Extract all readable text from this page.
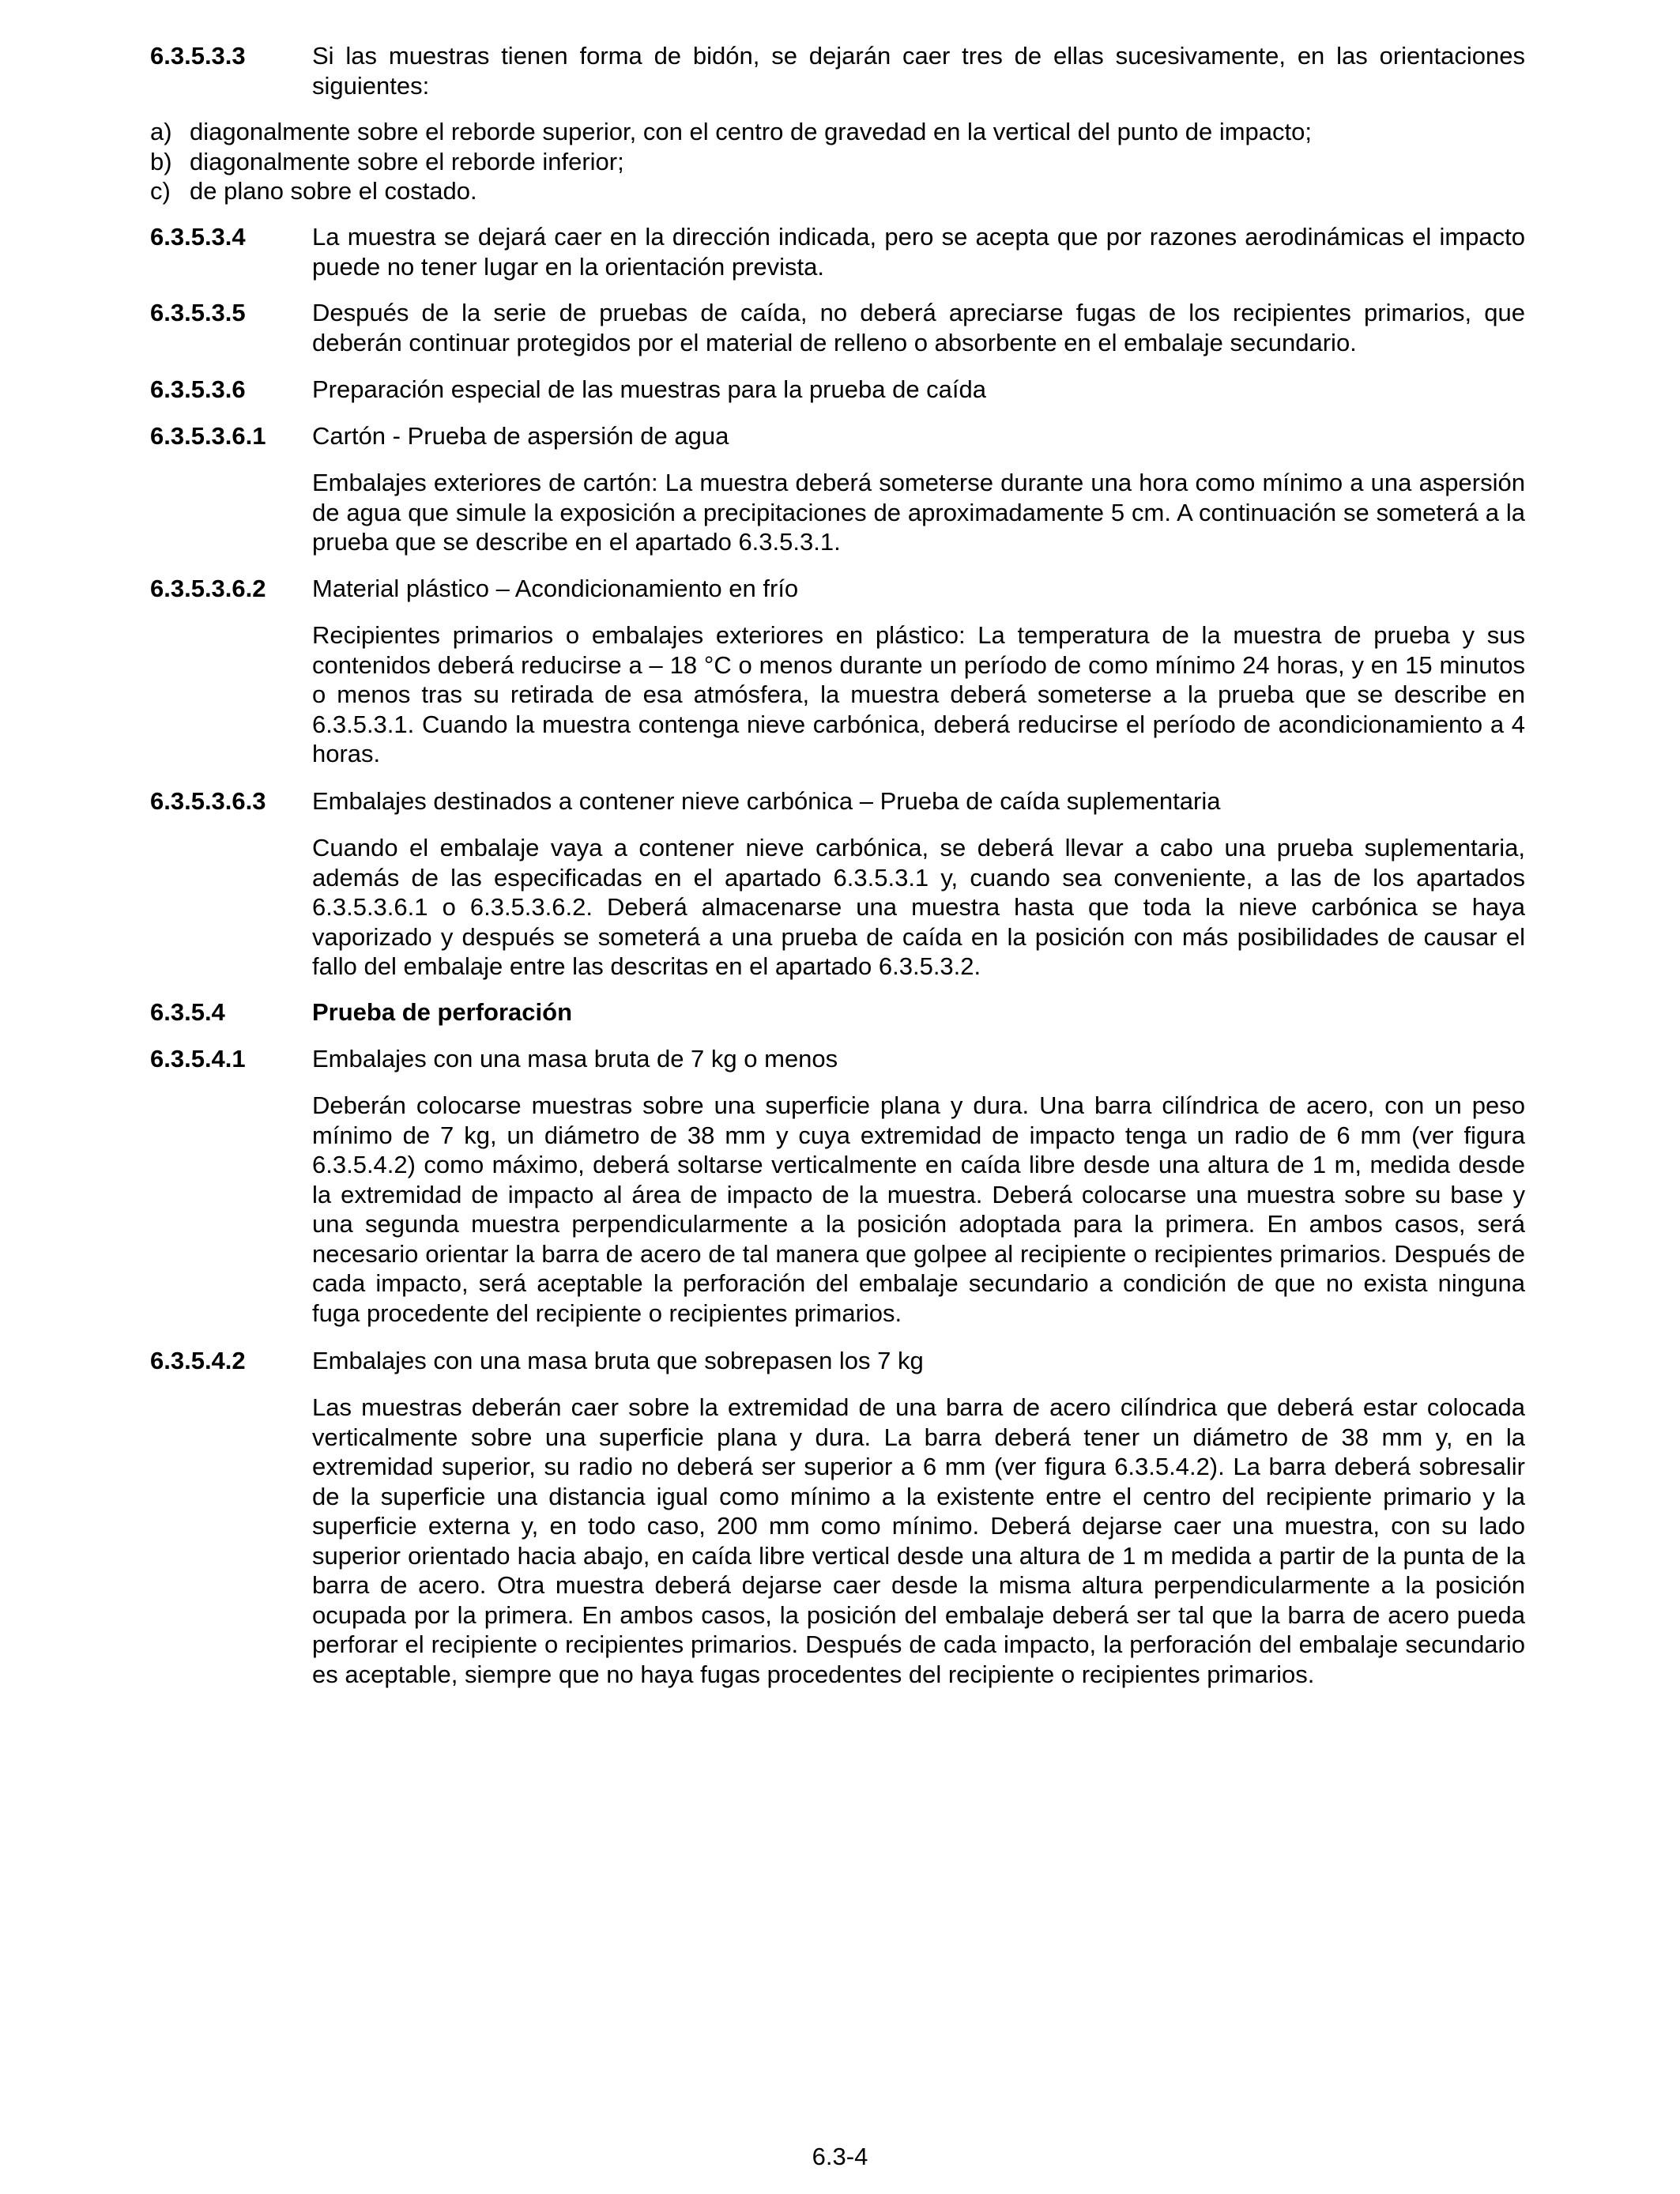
6.3.5.3.3	Si las muestras tienen forma de bidón, se dejarán caer tres de ellas sucesivamente, en las orientaciones siguientes:
a) diagonalmente sobre el reborde superior, con el centro de gravedad en la vertical del punto de impacto;
b) diagonalmente sobre el reborde inferior;
c) de plano sobre el costado.
6.3.5.3.4	La muestra se dejará caer en la dirección indicada, pero se acepta que por razones aerodinámicas el impacto puede no tener lugar en la orientación prevista.
6.3.5.3.5	Después de la serie de pruebas de caída, no deberá apreciarse fugas de los recipientes primarios, que deberán continuar protegidos por el material de relleno o absorbente en el embalaje secundario.
6.3.5.3.6	Preparación especial de las muestras para la prueba de caída
6.3.5.3.6.1	Cartón - Prueba de aspersión de agua
Embalajes exteriores de cartón: La muestra deberá someterse durante una hora como mínimo a una aspersión de agua que simule la exposición a precipitaciones de aproximadamente 5 cm. A continuación se someterá a la prueba que se describe en el apartado 6.3.5.3.1.
6.3.5.3.6.2	Material plástico – Acondicionamiento en frío
Recipientes primarios o embalajes exteriores en plástico: La temperatura de la muestra de prueba y sus contenidos deberá reducirse a – 18 °C o menos durante un período de como mínimo 24 horas, y en 15 minutos o menos tras su retirada de esa atmósfera, la muestra deberá someterse a la prueba que se describe en 6.3.5.3.1. Cuando la muestra contenga nieve carbónica, deberá reducirse el período de acondicionamiento a 4 horas.
6.3.5.3.6.3	Embalajes destinados a contener nieve carbónica – Prueba de caída suplementaria
Cuando el embalaje vaya a contener nieve carbónica, se deberá llevar a cabo una prueba suplementaria, además de las especificadas en el apartado 6.3.5.3.1 y, cuando sea conveniente, a las de los apartados 6.3.5.3.6.1 o 6.3.5.3.6.2. Deberá almacenarse una muestra hasta que toda la nieve carbónica se haya vaporizado y después se someterá a una prueba de caída en la posición con más posibilidades de causar el fallo del embalaje entre las descritas en el apartado 6.3.5.3.2.
6.3.5.4	Prueba de perforación
6.3.5.4.1	Embalajes con una masa bruta de 7 kg o menos
Deberán colocarse muestras sobre una superficie plana y dura. Una barra cilíndrica de acero, con un peso mínimo de 7 kg, un diámetro de 38 mm y cuya extremidad de impacto tenga un radio de 6 mm (ver figura 6.3.5.4.2) como máximo, deberá soltarse verticalmente en caída libre desde una altura de 1 m, medida desde la extremidad de impacto al área de impacto de la muestra. Deberá colocarse una muestra sobre su base y una segunda muestra perpendicularmente a la posición adoptada para la primera. En ambos casos, será necesario orientar la barra de acero de tal manera que golpee al recipiente o recipientes primarios. Después de cada impacto, será aceptable la perforación del embalaje secundario a condición de que no exista ninguna fuga procedente del recipiente o recipientes primarios.
6.3.5.4.2	Embalajes con una masa bruta que sobrepasen los 7 kg
Las muestras deberán caer sobre la extremidad de una barra de acero cilíndrica que deberá estar colocada verticalmente sobre una superficie plana y dura. La barra deberá tener un diámetro de 38 mm y, en la extremidad superior, su radio no deberá ser superior a 6 mm (ver figura 6.3.5.4.2). La barra deberá sobresalir de la superficie una distancia igual como mínimo a la existente entre el centro del recipiente primario y la superficie externa y, en todo caso, 200 mm como mínimo. Deberá dejarse caer una muestra, con su lado superior orientado hacia abajo, en caída libre vertical desde una altura de 1 m medida a partir de la punta de la barra de acero. Otra muestra deberá dejarse caer desde la misma altura perpendicularmente a la posición ocupada por la primera. En ambos casos, la posición del embalaje deberá ser tal que la barra de acero pueda perforar el recipiente o recipientes primarios. Después de cada impacto, la perforación del embalaje secundario es aceptable, siempre que no haya fugas procedentes del recipiente o recipientes primarios.
6.3-4
